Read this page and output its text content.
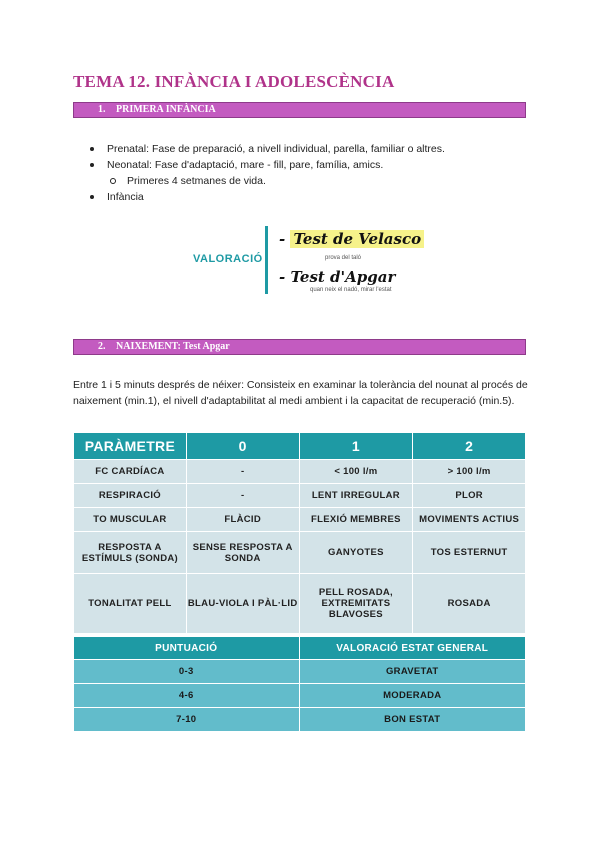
TEMA 12. INFÀNCIA I ADOLESCÈNCIA
1. PRIMERA INFÀNCIA
Prenatal: Fase de preparació, a nivell individual, parella, familiar o altres.
Neonatal: Fase d'adaptació, mare - fill, pare, família, amics.
Primeres 4 setmanes de vida.
Infància
VALORACIÓ
- Test de Velasco
prova del taló
- Test d'Apgar
quan neix el nadó, mirar l'estat
2. NAIXEMENT: Test Apgar
Entre 1 i 5 minuts després de néixer: Consisteix en examinar la tolerància del nounat al procés de naixement (min.1), el nivell d'adaptabilitat al medi ambient i la capacitat de recuperació (min.5).
PARÀMETRE	0	1	2
FC CARDÍACA	-	< 100 l/m	> 100 l/m
RESPIRACIÓ	-	LENT IRREGULAR	PLOR
TO MUSCULAR	FLÀCID	FLEXIÓ MEMBRES	MOVIMENTS ACTIUS
RESPOSTA A ESTÍMULS (SONDA)	SENSE RESPOSTA A SONDA	GANYOTES	TOS ESTERNUT
TONALITAT PELL	BLAU-VIOLA I PÀL·LID	PELL ROSADA, EXTREMITATS BLAVOSES	ROSADA
PUNTUACIÓ	VALORACIÓ ESTAT GENERAL
0-3	GRAVETAT
4-6	MODERADA
7-10	BON ESTAT
